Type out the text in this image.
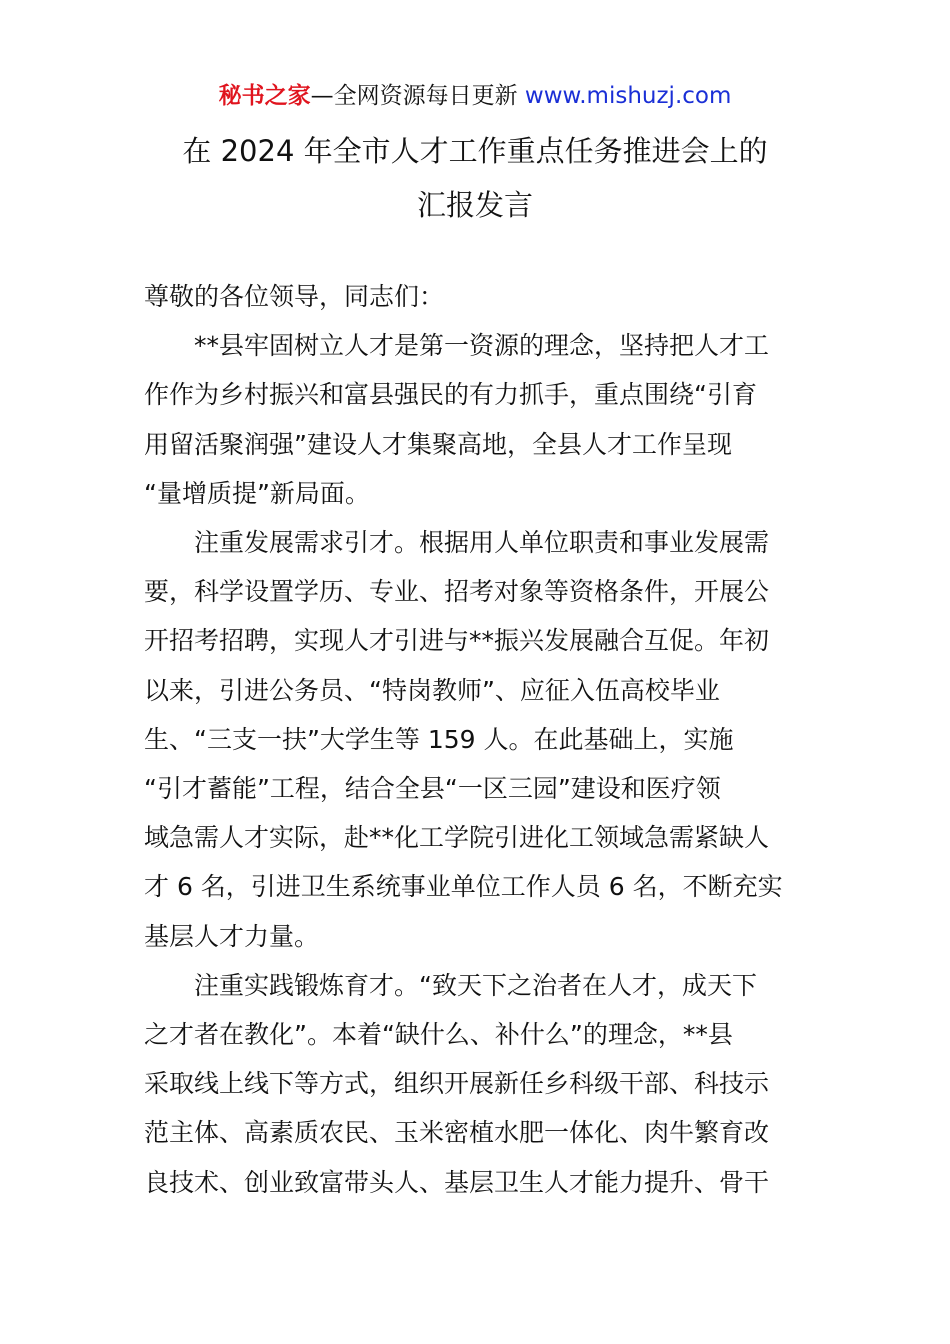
秘书之家—全网资源每日更新 www.mishuzj.com
在 2024 年全市人才工作重点任务推进会上的
汇报发言
尊敬的各位领导，同志们：
**县牢固树立人才是第一资源的理念，坚持把人才工
作作为乡村振兴和富县强民的有力抓手，重点围绕“引育
用留活聚润强”建设人才集聚高地，全县人才工作呈现
“量增质提”新局面。
注重发展需求引才。根据用人单位职责和事业发展需
要，科学设置学历、专业、招考对象等资格条件，开展公
开招考招聘，实现人才引进与**振兴发展融合互促。年初
以来，引进公务员、“特岗教师”、应征入伍高校毕业
生、“三支一扶”大学生等 159 人。在此基础上，实施
“引才蓄能”工程，结合全县“一区三园”建设和医疗领
域急需人才实际，赴**化工学院引进化工领域急需紧缺人
才 6 名，引进卫生系统事业单位工作人员 6 名，不断充实
基层人才力量。
注重实践锻炼育才。“致天下之治者在人才，成天下
之才者在教化”。本着“缺什么、补什么”的理念，**县
采取线上线下等方式，组织开展新任乡科级干部、科技示
范主体、高素质农民、玉米密植水肥一体化、肉牛繁育改
良技术、创业致富带头人、基层卫生人才能力提升、骨干
